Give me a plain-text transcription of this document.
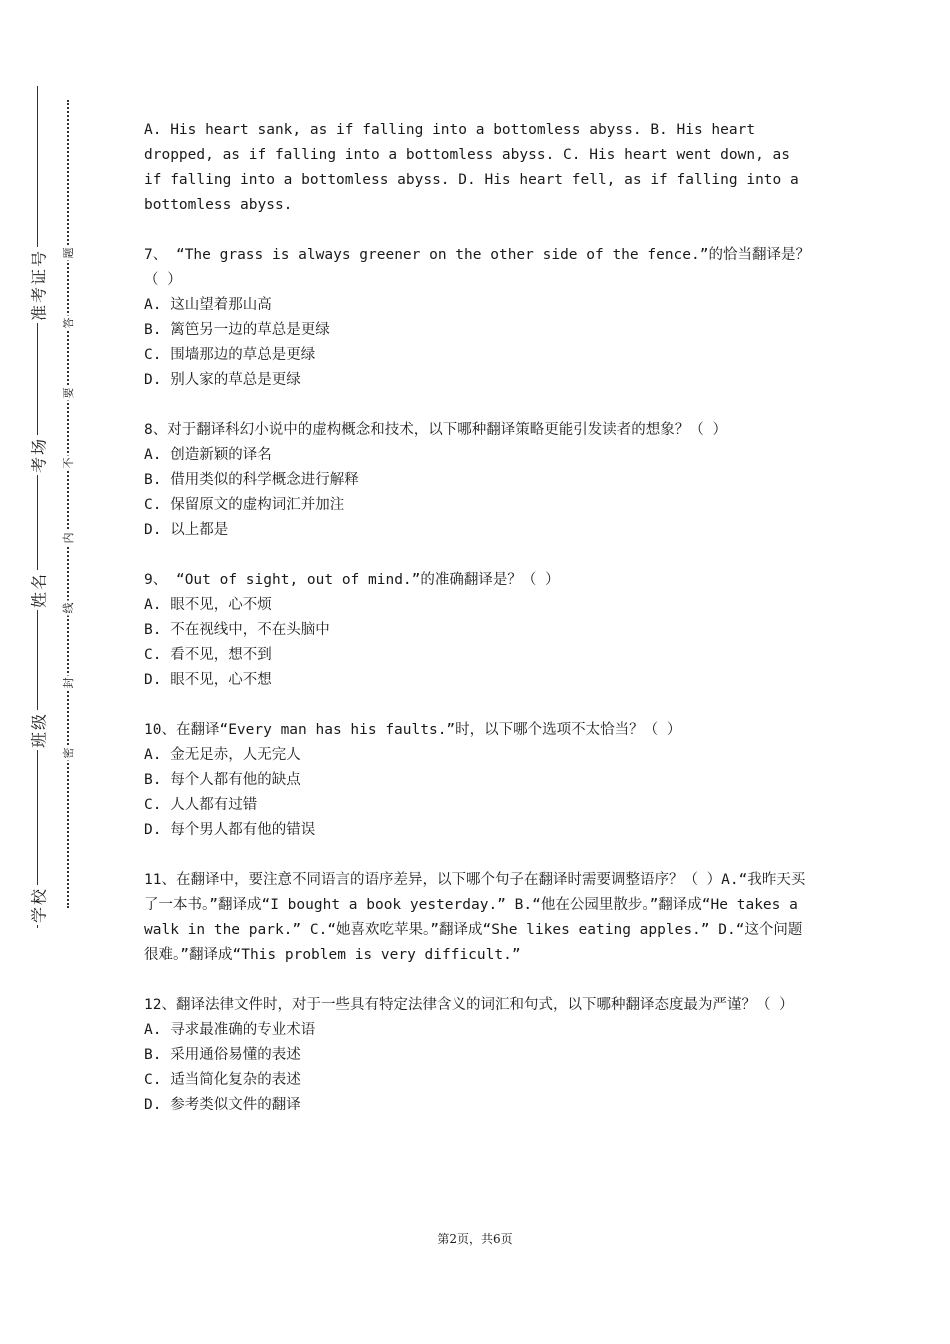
准考证号
考场
姓名
班级
学校
题
答
要
不
内
线
封
密

A. His heart sank, as if falling into a bottomless abyss. B. His heart dropped, as if falling into a bottomless abyss. C. His heart went down, as if falling into a bottomless abyss. D. His heart fell, as if falling into a bottomless abyss.

7、 “The grass is always greener on the other side of the fence.”的恰当翻译是？（ ）

A. 这山望着那山高

B. 篱笆另一边的草总是更绿

C. 围墙那边的草总是更绿

D. 别人家的草总是更绿

8、对于翻译科幻小说中的虚构概念和技术，以下哪种翻译策略更能引发读者的想象？（ ）

A. 创造新颖的译名

B. 借用类似的科学概念进行解释

C. 保留原文的虚构词汇并加注

D. 以上都是

9、 “Out of sight, out of mind.”的准确翻译是？（ ）

A. 眼不见，心不烦

B. 不在视线中，不在头脑中

C. 看不见，想不到

D. 眼不见，心不想

10、在翻译“Every man has his faults.”时，以下哪个选项不太恰当？（ ）

A. 金无足赤，人无完人

B. 每个人都有他的缺点

C. 人人都有过错

D. 每个男人都有他的错误

11、在翻译中，要注意不同语言的语序差异，以下哪个句子在翻译时需要调整语序？（ ）A.“我昨天买了一本书。”翻译成“I bought a book yesterday.” B.“他在公园里散步。”翻译成“He takes a walk in the park.” C.“她喜欢吃苹果。”翻译成“She likes eating apples.” D.“这个问题很难。”翻译成“This problem is very difficult.”

12、翻译法律文件时，对于一些具有特定法律含义的词汇和句式，以下哪种翻译态度最为严谨？（ ）

A. 寻求最准确的专业术语

B. 采用通俗易懂的表述

C. 适当简化复杂的表述

D. 参考类似文件的翻译

第2页，共6页
